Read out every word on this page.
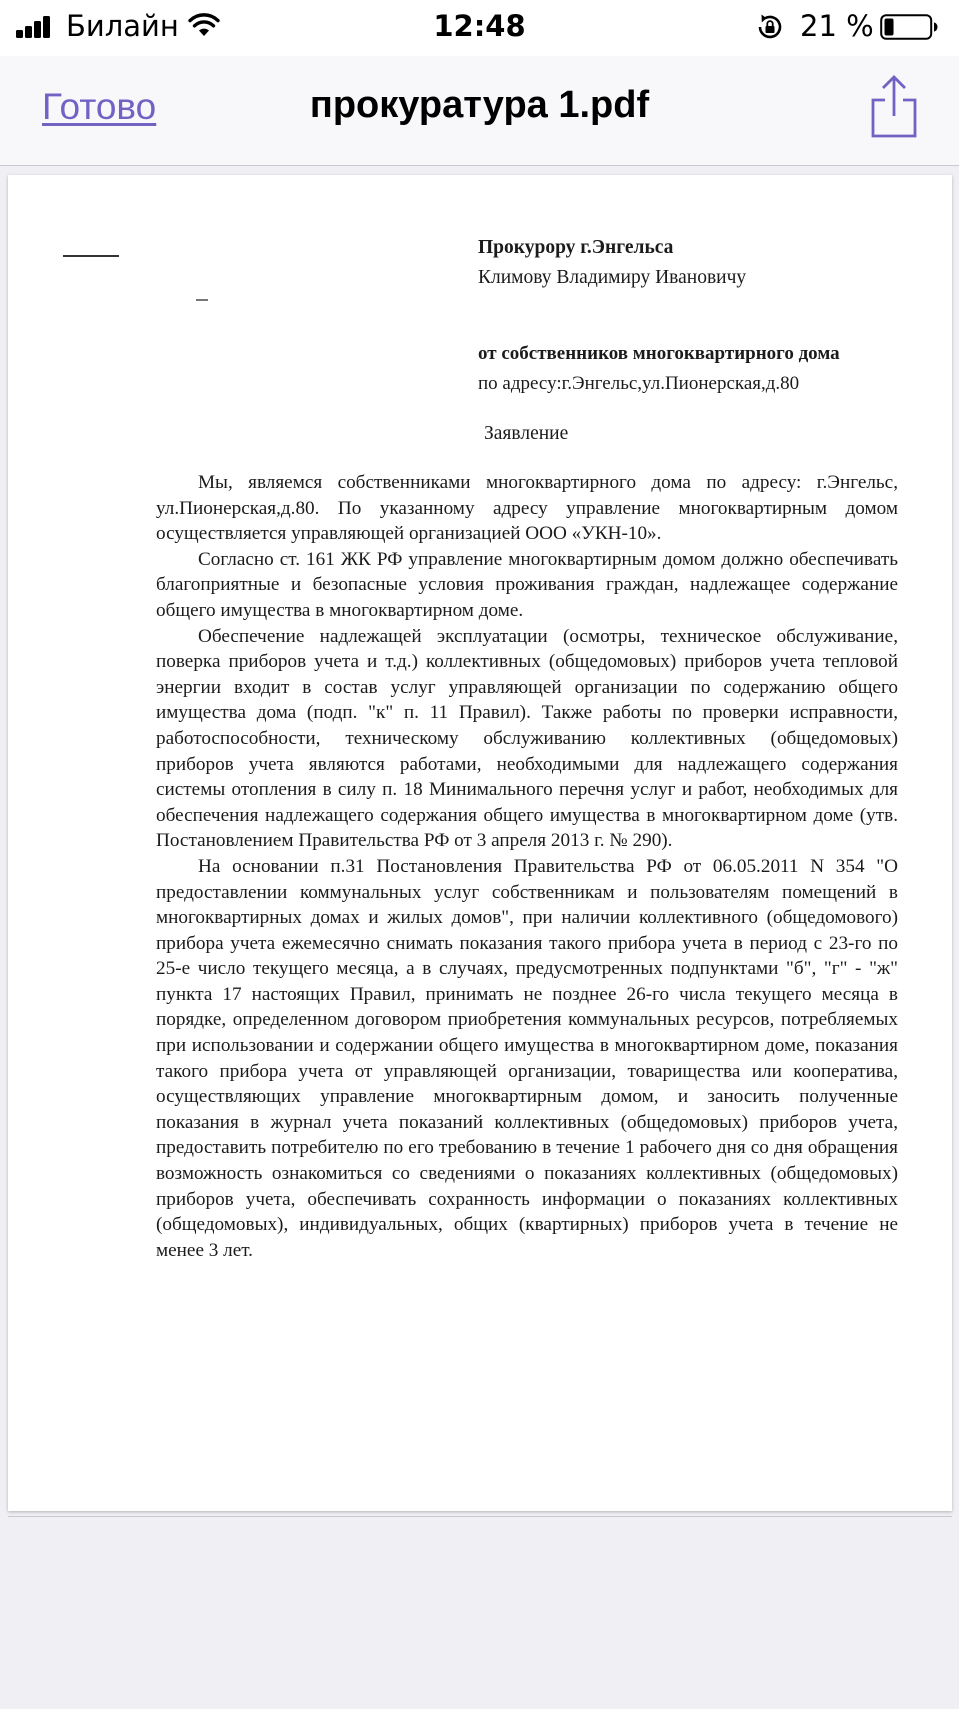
Билайн	12:48	21 %
Готово	прокуратура 1.pdf
Прокурору г.Энгельса
Климову Владимиру Ивановичу
от собственников многоквартирного дома
по адресу:г.Энгельс,ул.Пионерская,д.80
Заявление

Мы, являемся собственниками многоквартирного дома по адресу: г.Энгельс, ул.Пионерская,д.80. По указанному адресу управление многоквартирным домом осуществляется управляющей организацией ООО «УКН-10».

Согласно ст. 161 ЖК РФ управление многоквартирным домом должно обеспечивать благоприятные и безопасные условия проживания граждан, надлежащее содержание общего имущества в многоквартирном доме.

Обеспечение надлежащей эксплуатации (осмотры, техническое обслуживание, поверка приборов учета и т.д.) коллективных (общедомовых) приборов учета тепловой энергии входит в состав услуг управляющей организации по содержанию общего имущества дома (подп. "к" п. 11 Правил). Также работы по проверки исправности, работоспособности, техническому обслуживанию коллективных (общедомовых) приборов учета являются работами, необходимыми для надлежащего содержания системы отопления в силу п. 18 Минимального перечня услуг и работ, необходимых для обеспечения надлежащего содержания общего имущества в многоквартирном доме (утв. Постановлением Правительства РФ от 3 апреля 2013 г. № 290).

На основании п.31 Постановления Правительства РФ от 06.05.2011 N 354 "О предоставлении коммунальных услуг собственникам и пользователям помещений в многоквартирных домах и жилых домов", при наличии коллективного (общедомового) прибора учета ежемесячно снимать показания такого прибора учета в период с 23-го по 25-е число текущего месяца, а в случаях, предусмотренных подпунктами "б", "г" - "ж" пункта 17 настоящих Правил, принимать не позднее 26-го числа текущего месяца в порядке, определенном договором приобретения коммунальных ресурсов, потребляемых при использовании и содержании общего имущества в многоквартирном доме, показания такого прибора учета от управляющей организации, товарищества или кооператива, осуществляющих управление многоквартирным домом, и заносить полученные показания в журнал учета показаний коллективных (общедомовых) приборов учета, предоставить потребителю по его требованию в течение 1 рабочего дня со дня обращения возможность ознакомиться со сведениями о показаниях коллективных (общедомовых) приборов учета, обеспечивать сохранность информации о показаниях коллективных (общедомовых), индивидуальных, общих (квартирных) приборов учета в течение не менее 3 лет.
